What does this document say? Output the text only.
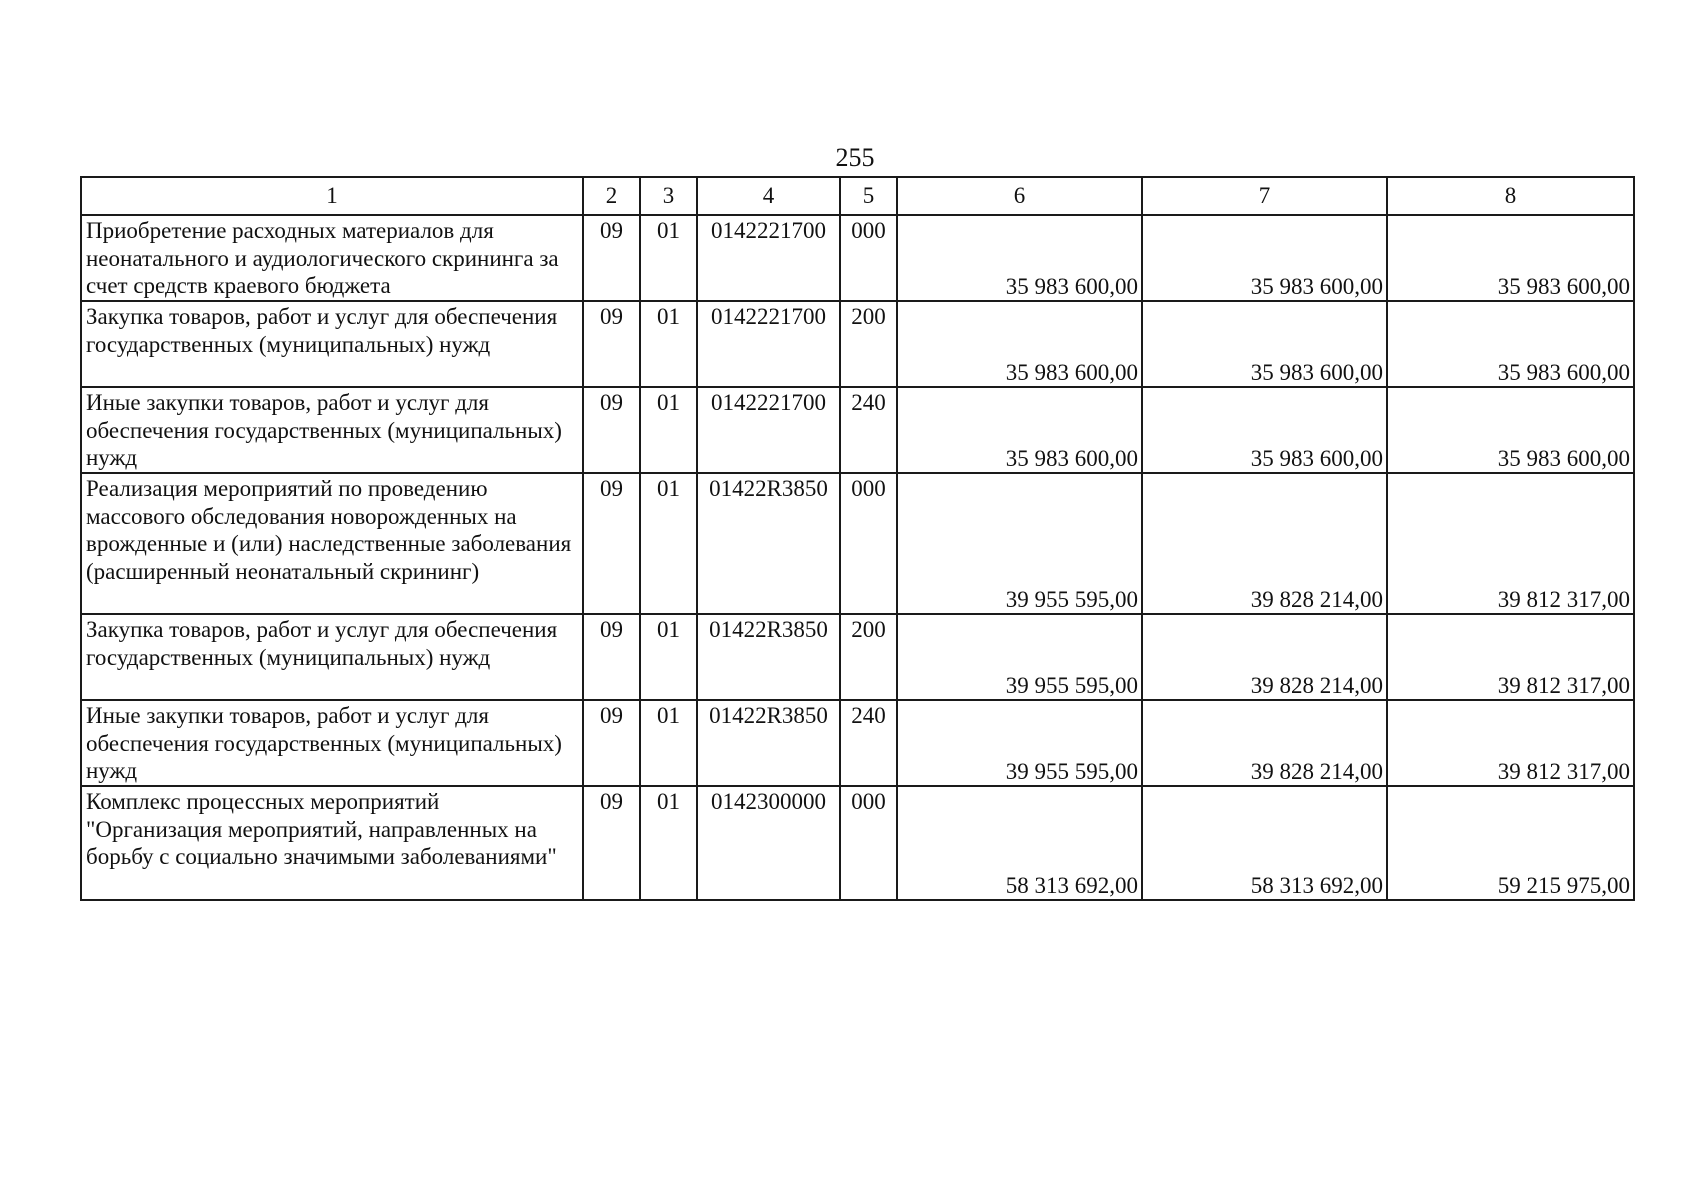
255
1	2	3	4	5	6	7	8
Приобретение расходных материалов для неонатального и аудиологического скрининга за счет средств краевого бюджета	09	01	0142221700	000	35 983 600,00	35 983 600,00	35 983 600,00
Закупка товаров, работ и услуг для обеспечения государственных (муниципальных) нужд	09	01	0142221700	200	35 983 600,00	35 983 600,00	35 983 600,00
Иные закупки товаров, работ и услуг для обеспечения государственных (муниципальных) нужд	09	01	0142221700	240	35 983 600,00	35 983 600,00	35 983 600,00
Реализация мероприятий по проведению массового обследования новорожденных на врожденные и (или) наследственные заболевания (расширенный неонатальный скрининг)	09	01	01422R3850	000	39 955 595,00	39 828 214,00	39 812 317,00
Закупка товаров, работ и услуг для обеспечения государственных (муниципальных) нужд	09	01	01422R3850	200	39 955 595,00	39 828 214,00	39 812 317,00
Иные закупки товаров, работ и услуг для обеспечения государственных (муниципальных) нужд	09	01	01422R3850	240	39 955 595,00	39 828 214,00	39 812 317,00
Комплекс процессных мероприятий "Организация мероприятий, направленных на борьбу с социально значимыми заболеваниями"	09	01	0142300000	000	58 313 692,00	58 313 692,00	59 215 975,00
